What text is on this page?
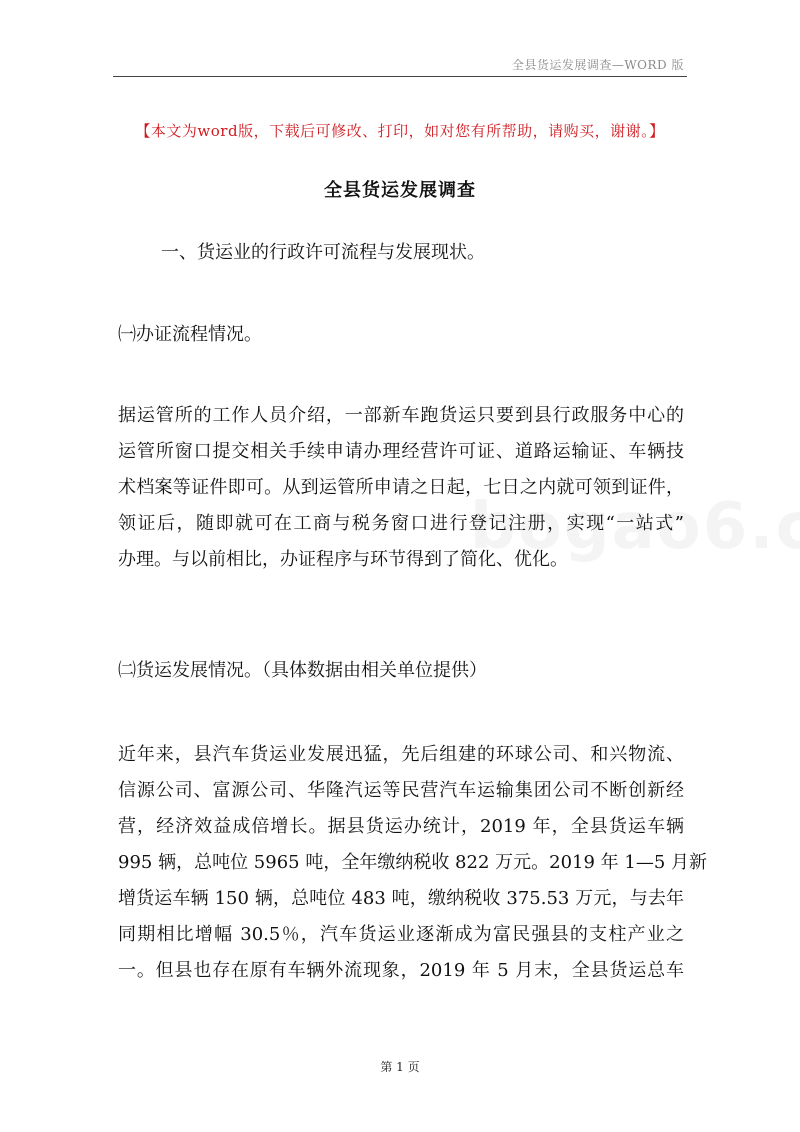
全县货运发展调查—WORD 版
【本文为word版，下载后可修改、打印，如对您有所帮助，请购买，谢谢。】
全县货运发展调查
一、货运业的行政许可流程与发展现状。
㈠办证流程情况。
据运管所的工作人员介绍，一部新车跑货运只要到县行政服务中心的
运管所窗口提交相关手续申请办理经营许可证、道路运输证、车辆技
术档案等证件即可。从到运管所申请之日起，七日之内就可领到证件，
领证后，随即就可在工商与税务窗口进行登记注册，实现“一站式”
办理。与以前相比，办证程序与环节得到了简化、优化。
㈡货运发展情况。（具体数据由相关单位提供）
近年来，县汽车货运业发展迅猛，先后组建的环球公司、和兴物流、
信源公司、富源公司、华隆汽运等民营汽车运输集团公司不断创新经
营，经济效益成倍增长。据县货运办统计，2019 年，全县货运车辆
995 辆，总吨位 5965 吨，全年缴纳税收 822 万元。2019 年 1—5 月新
增货运车辆 150 辆，总吨位 483 吨，缴纳税收 375.53 万元，与去年
同期相比增幅 30.5％，汽车货运业逐渐成为富民强县的支柱产业之
一。但县也存在原有车辆外流现象，2019 年 5 月末，全县货运总车
第 1 页
